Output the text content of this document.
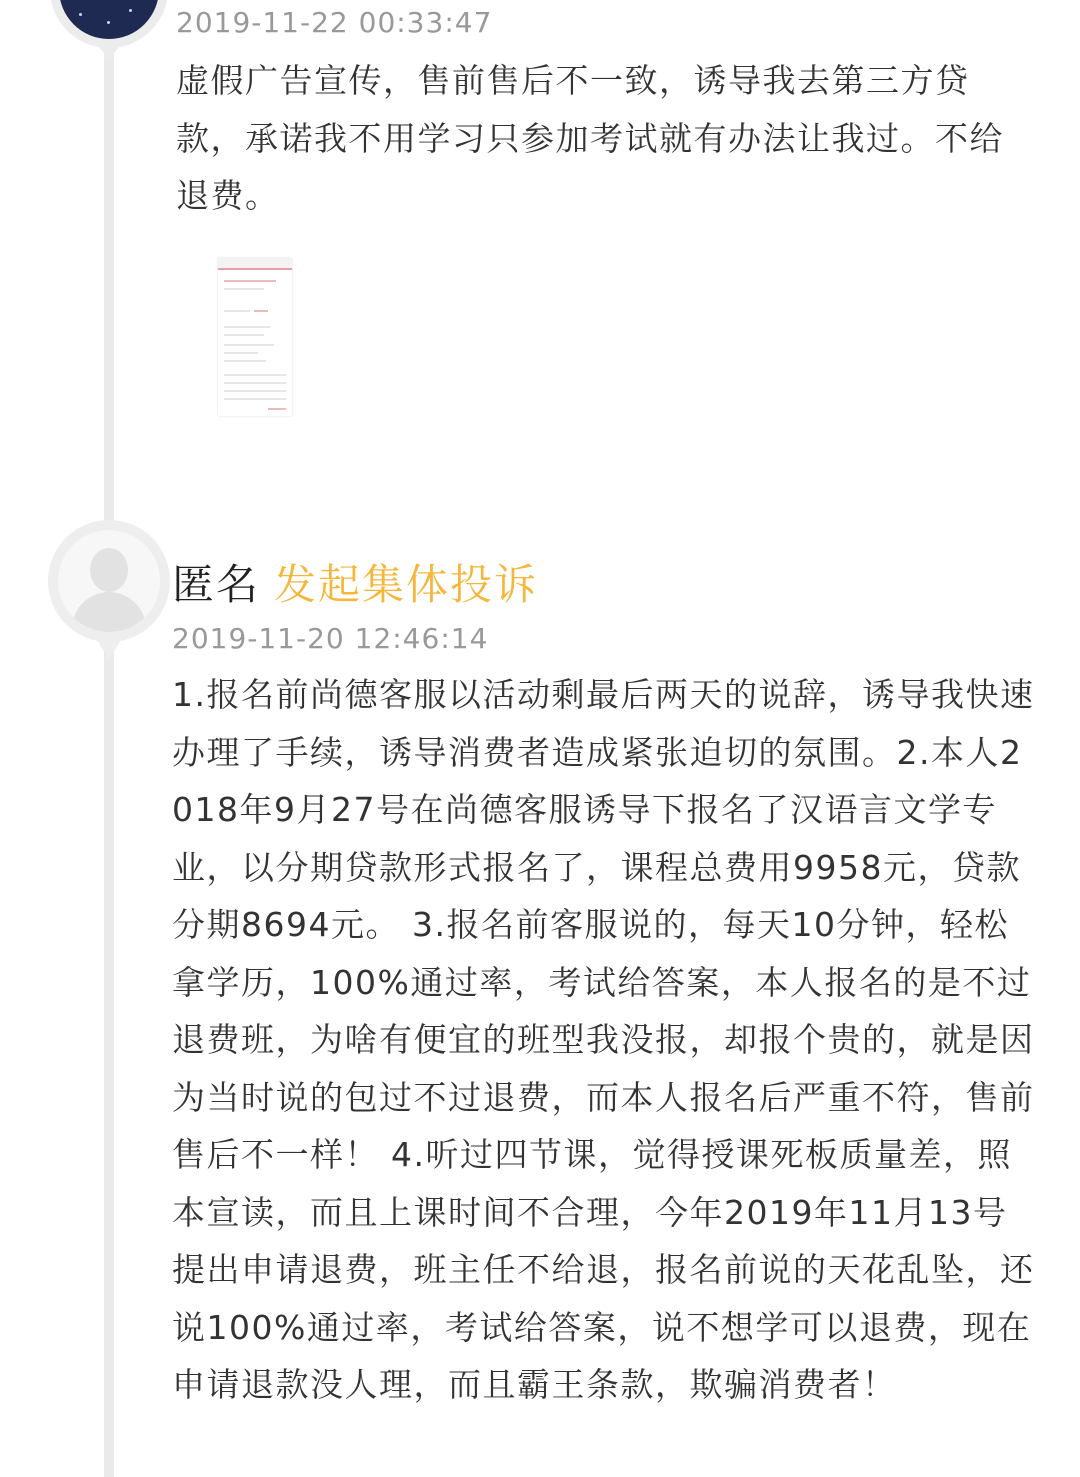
2019-11-22 00:33:47
虚假广告宣传，售前售后不一致，诱导我去第三方贷款，承诺我不用学习只参加考试就有办法让我过。不给退费。
匿名 发起集体投诉
2019-11-20 12:46:14
1.报名前尚德客服以活动剩最后两天的说辞，诱导我快速办理了手续，诱导消费者造成紧张迫切的氛围。2.本人2018年9月27号在尚德客服诱导下报名了汉语言文学专业，以分期贷款形式报名了，课程总费用9958元，贷款分期8694元。 3.报名前客服说的，每天10分钟，轻松拿学历，100%通过率，考试给答案，本人报名的是不过退费班，为啥有便宜的班型我没报，却报个贵的，就是因为当时说的包过不过退费，而本人报名后严重不符，售前售后不一样！ 4.听过四节课，觉得授课死板质量差，照本宣读，而且上课时间不合理，今年2019年11月13号提出申请退费，班主任不给退，报名前说的天花乱坠，还说100%通过率，考试给答案，说不想学可以退费，现在申请退款没人理，而且霸王条款，欺骗消费者！
